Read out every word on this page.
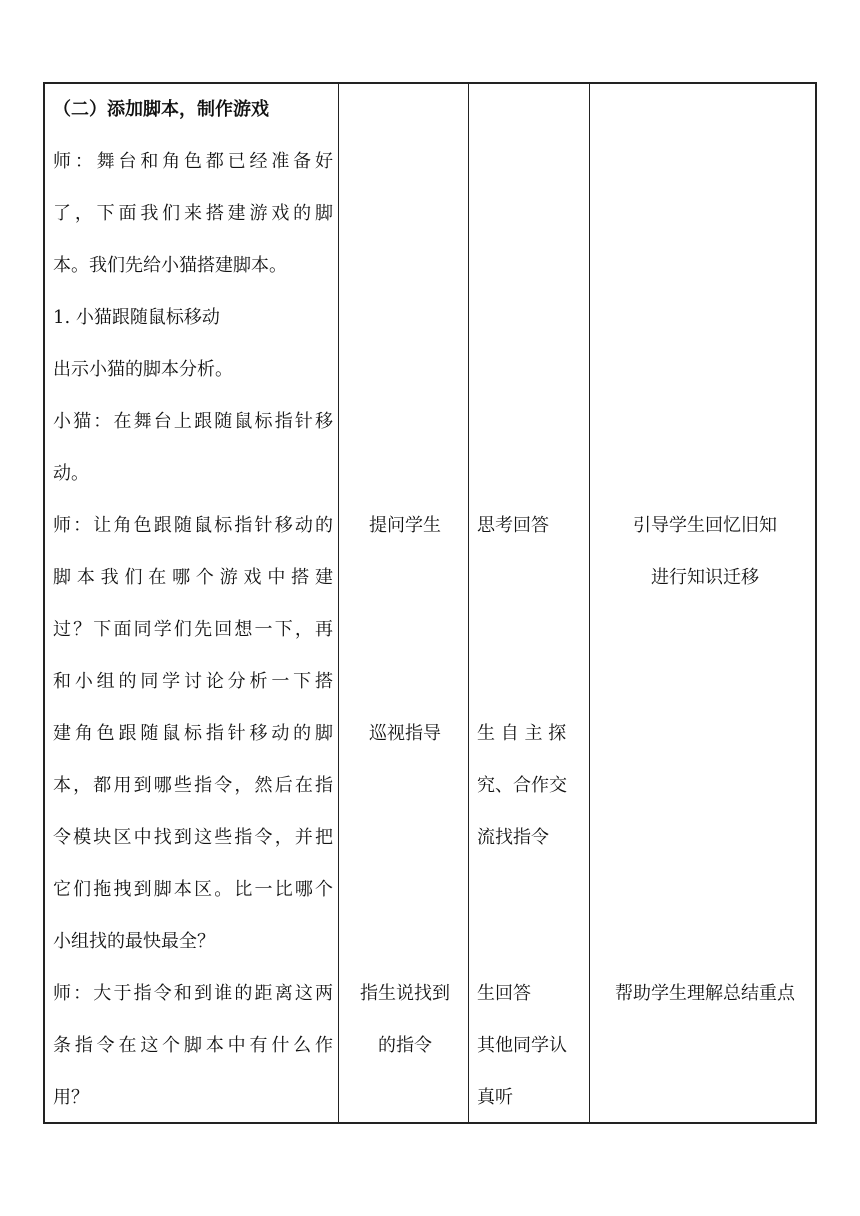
（二）添加脚本，制作游戏
师：舞台和角色都已经准备好
了，下面我们来搭建游戏的脚
本。我们先给小猫搭建脚本。
1. 小猫跟随鼠标移动
出示小猫的脚本分析。
小猫：在舞台上跟随鼠标指针移
动。
师：让角色跟随鼠标指针移动的
脚本我们在哪个游戏中搭建
过？下面同学们先回想一下，再
和小组的同学讨论分析一下搭
建角色跟随鼠标指针移动的脚
本，都用到哪些指令，然后在指
令模块区中找到这些指令，并把
它们拖拽到脚本区。比一比哪个
小组找的最快最全？
师：大于指令和到谁的距离这两
条指令在这个脚本中有什么作
用？
提问学生
巡视指导
指生说找到
的指令
思考回答
生 自 主 探
究、合作交
流找指令
生回答
其他同学认
真听
引导学生回忆旧知
进行知识迁移
帮助学生理解总结重点
